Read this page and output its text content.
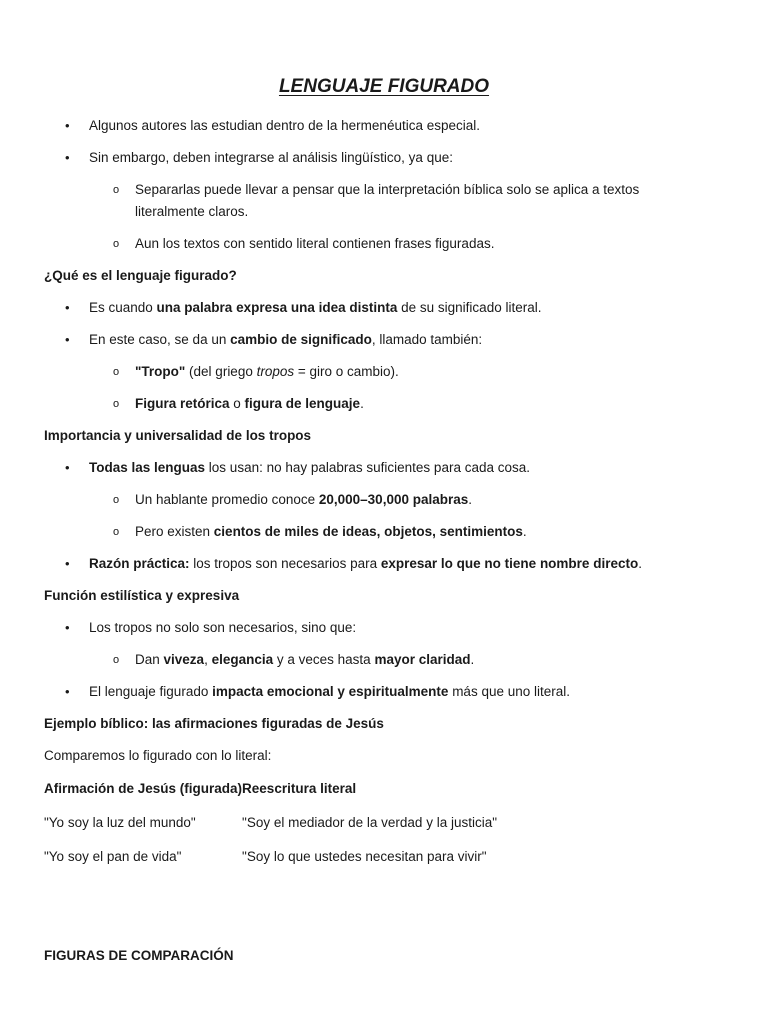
LENGUAJE FIGURADO
• Algunos autores las estudian dentro de la hermenéutica especial.
• Sin embargo, deben integrarse al análisis lingüístico, ya que:
o Separarlas puede llevar a pensar que la interpretación bíblica solo se aplica a textos
literalmente claros.
o Aun los textos con sentido literal contienen frases figuradas.
¿Qué es el lenguaje figurado?
• Es cuando una palabra expresa una idea distinta de su significado literal.
• En este caso, se da un cambio de significado, llamado también:
o "Tropo" (del griego tropos = giro o cambio).
o Figura retórica o figura de lenguaje.
Importancia y universalidad de los tropos
• Todas las lenguas los usan: no hay palabras suficientes para cada cosa.
o Un hablante promedio conoce 20,000–30,000 palabras.
o Pero existen cientos de miles de ideas, objetos, sentimientos.
• Razón práctica: los tropos son necesarios para expresar lo que no tiene nombre directo.
Función estilística y expresiva
• Los tropos no solo son necesarios, sino que:
o Dan viveza, elegancia y a veces hasta mayor claridad.
• El lenguaje figurado impacta emocional y espiritualmente más que uno literal.
Ejemplo bíblico: las afirmaciones figuradas de Jesús
Comparemos lo figurado con lo literal:
Afirmación de Jesús (figurada)	Reescritura literal
"Yo soy la luz del mundo"	"Soy el mediador de la verdad y la justicia"
"Yo soy el pan de vida"	"Soy lo que ustedes necesitan para vivir"
FIGURAS DE COMPARACIÓN
